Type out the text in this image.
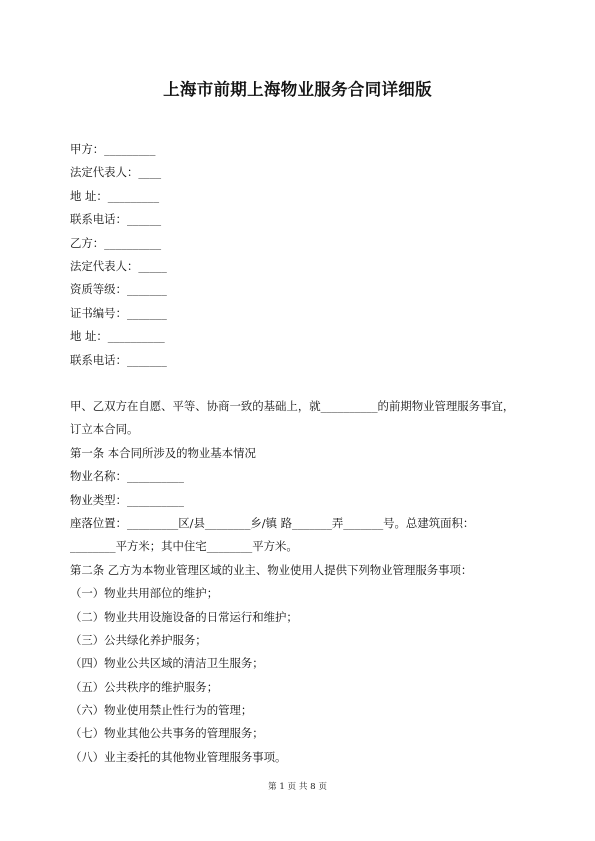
上海市前期上海物业服务合同详细版
甲方：_________
法定代表人：____
地 址：_________
联系电话：______
乙方：__________
法定代表人：_____
资质等级：_______
证书编号：_______
地 址：__________
联系电话：_______
甲、乙双方在自愿、平等、协商一致的基础上，就__________的前期物业管理服务事宜，
订立本合同。
第一条 本合同所涉及的物业基本情况
物业名称：__________
物业类型：__________
座落位置：_________区/县________乡/镇 路_______弄_______号。总建筑面积：
________平方米；其中住宅________平方米。
第二条 乙方为本物业管理区域的业主、物业使用人提供下列物业管理服务事项：
（一）物业共用部位的维护；
（二）物业共用设施设备的日常运行和维护；
（三）公共绿化养护服务；
（四）物业公共区域的清洁卫生服务；
（五）公共秩序的维护服务；
（六）物业使用禁止性行为的管理；
（七）物业其他公共事务的管理服务；
（八）业主委托的其他物业管理服务事项。
第 1 页 共 8 页
